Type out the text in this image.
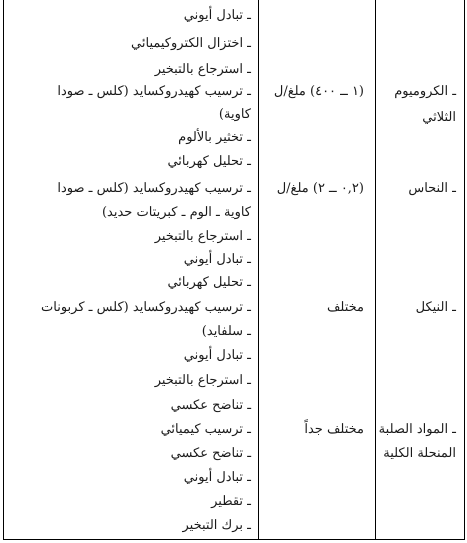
ـ تبادل أيوني
ـ اختزال الكتروكيميائي
ـ استرجاع بالتبخير
ـ ترسيب كهيدروكسايد (كلس ـ صودا
كاوية)
ـ تخثير بالألوم
ـ تحليل كهربائي
ـ ترسيب كهيدروكسايد (كلس ـ صودا
كاوية ـ الوم ـ كبريتات حديد)
ـ استرجاع بالتبخير
ـ تبادل أيوني
ـ تحليل كهربائي
ـ ترسيب كهيدروكسايد (كلس ـ كربونات
ـ سلفايد)
ـ تبادل أيوني
ـ استرجاع بالتبخير
ـ تناضح عكسي
ـ ترسيب كيميائي
ـ تناضح عكسي
ـ تبادل أيوني
ـ تقطير
ـ برك التبخير
(١ ــ ٤٠٠) ملغ/ل
(٠,٢ ــ ٢) ملغ/ل
مختلف
مختلف جداً
ـ الكروميوم
الثلاثي
ـ النحاس
ـ النيكل
ـ المواد الصلبة
المنحلة الكلية
